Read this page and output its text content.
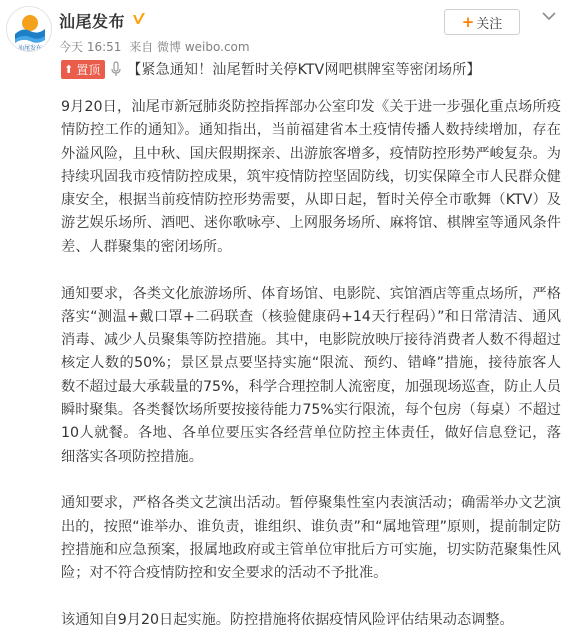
汕尾发布
汕尾发布
今天 16:51 来自 微博 weibo.com
+ 关注
⬆ 置顶 【紧急通知！汕尾暂时关停KTV网吧棋牌室等密闭场所】

9月20日，汕尾市新冠肺炎防控指挥部办公室印发《关于进一步强化重点场所疫情防控工作的通知》。通知指出，当前福建省本土疫情传播人数持续增加，存在外溢风险，且中秋、国庆假期探亲、出游旅客增多，疫情防控形势严峻复杂。为持续巩固我市疫情防控成果，筑牢疫情防控坚固防线，切实保障全市人民群众健康安全，根据当前疫情防控形势需要，从即日起，暂时关停全市歌舞（KTV）及游艺娱乐场所、酒吧、迷你歌咏亭、上网服务场所、麻将馆、棋牌室等通风条件差、人群聚集的密闭场所。

通知要求，各类文化旅游场所、体育场馆、电影院、宾馆酒店等重点场所，严格落实“测温+戴口罩+二码联查（核验健康码+14天行程码）”和日常清洁、通风消毒、减少人员聚集等防控措施。其中，电影院放映厅接待消费者人数不得超过核定人数的50%；景区景点要坚持实施“限流、预约、错峰”措施，接待旅客人数不超过最大承载量的75%，科学合理控制人流密度，加强现场巡查，防止人员瞬时聚集。各类餐饮场所要按接待能力75%实行限流，每个包房（每桌）不超过10人就餐。各地、各单位要压实各经营单位防控主体责任，做好信息登记，落细落实各项防控措施。

通知要求，严格各类文艺演出活动。暂停聚集性室内表演活动；确需举办文艺演出的，按照“谁举办、谁负责，谁组织、谁负责”和“属地管理”原则，提前制定防控措施和应急预案，报属地政府或主管单位审批后方可实施，切实防范聚集性风险；对不符合疫情防控和安全要求的活动不予批准。

该通知自9月20日起实施。防控措施将依据疫情风险评估结果动态调整。
